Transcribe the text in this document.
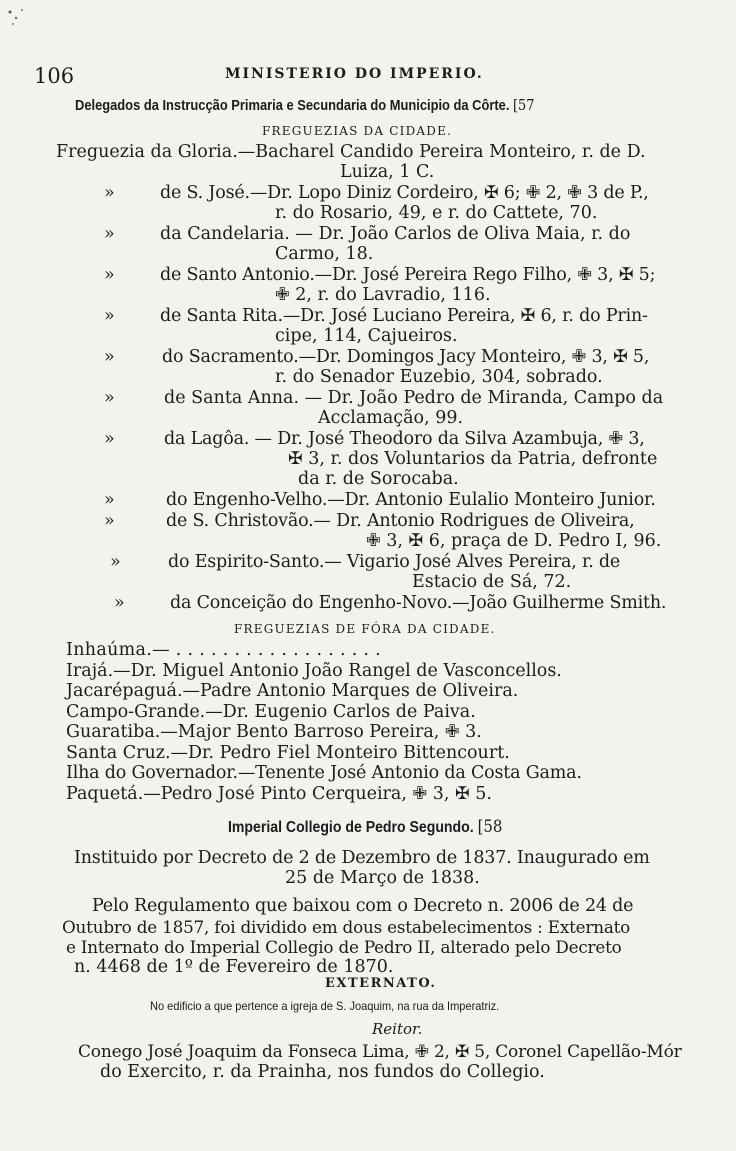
106	MINISTERIO DO IMPERIO.
Delegados da Instrucção Primaria e Secundaria do Municipio da Côrte. [57
FREGUEZIAS DA CIDADE.
Freguezia da Gloria.—Bacharel Candido Pereira Monteiro, r. de D.
Luiza, 1 C.
»	de S. José.—Dr. Lopo Diniz Cordeiro, ✠ 6; ✙ 2, ✙ 3 de P.,
r. do Rosario, 49, e r. do Cattete, 70.
»	da Candelaria. — Dr. João Carlos de Oliva Maia, r. do
Carmo, 18.
»	de Santo Antonio.—Dr. José Pereira Rego Filho, ✙ 3, ✠ 5;
✙ 2, r. do Lavradio, 116.
»	de Santa Rita.—Dr. José Luciano Pereira, ✠ 6, r. do Prin-
cipe, 114, Cajueiros.
»	do Sacramento.—Dr. Domingos Jacy Monteiro, ✙ 3, ✠ 5,
r. do Senador Euzebio, 304, sobrado.
»	de Santa Anna. — Dr. João Pedro de Miranda, Campo da
Acclamação, 99.
»	da Lagôa. — Dr. José Theodoro da Silva Azambuja, ✙ 3,
✠ 3, r. dos Voluntarios da Patria, defronte
da r. de Sorocaba.
»	do Engenho-Velho.—Dr. Antonio Eulalio Monteiro Junior.
»	de S. Christovão.— Dr. Antonio Rodrigues de Oliveira,
✙ 3, ✠ 6, praça de D. Pedro I, 96.
»	do Espirito-Santo.— Vigario José Alves Pereira, r. de
Estacio de Sá, 72.
»	da Conceição do Engenho-Novo.—João Guilherme Smith.
FREGUEZIAS DE FÓRA DA CIDADE.
Inhaúma.— . . . . . . . . . . . . . . . . . .
Irajá.—Dr. Miguel Antonio João Rangel de Vasconcellos.
Jacarépaguá.—Padre Antonio Marques de Oliveira.
Campo-Grande.—Dr. Eugenio Carlos de Paiva.
Guaratiba.—Major Bento Barroso Pereira, ✙ 3.
Santa Cruz.—Dr. Pedro Fiel Monteiro Bittencourt.
Ilha do Governador.—Tenente José Antonio da Costa Gama.
Paquetá.—Pedro José Pinto Cerqueira, ✙ 3, ✠ 5.
Imperial Collegio de Pedro Segundo. [58
Instituido por Decreto de 2 de Dezembro de 1837. Inaugurado em
25 de Março de 1838.
Pelo Regulamento que baixou com o Decreto n. 2006 de 24 de
Outubro de 1857, foi dividido em dous estabelecimentos : Externato
e Internato do Imperial Collegio de Pedro II, alterado pelo Decreto
n. 4468 de 1º de Fevereiro de 1870.
EXTERNATO.
No edificio a que pertence a igreja de S. Joaquim, na rua da Imperatriz.
Reitor.
Conego José Joaquim da Fonseca Lima, ✙ 2, ✠ 5, Coronel Capellão-Mór
do Exercito, r. da Prainha, nos fundos do Collegio.
